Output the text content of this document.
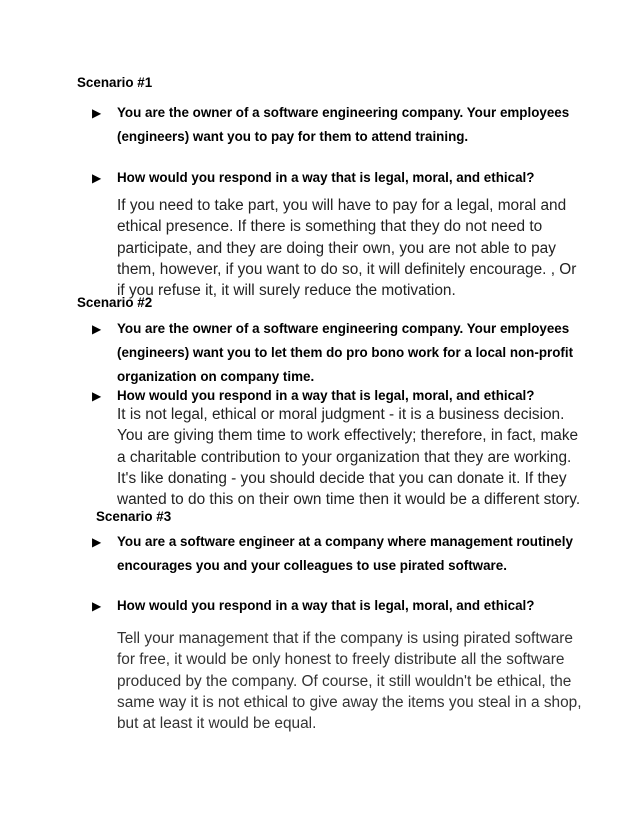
Scenario #1
▶ You are the owner of a software engineering company. Your employees (engineers) want you to pay for them to attend training.

▶ How would you respond in a way that is legal, moral, and ethical?

If you need to take part, you will have to pay for a legal, moral and ethical presence. If there is something that they do not need to participate, and they are doing their own, you are not able to pay them, however, if you want to do so, it will definitely encourage. , Or if you refuse it, it will surely reduce the motivation.

Scenario #2
▶ You are the owner of a software engineering company. Your employees (engineers) want you to let them do pro bono work for a local non-profit organization on company time.

▶ How would you respond in a way that is legal, moral, and ethical?

It is not legal, ethical or moral judgment - it is a business decision. You are giving them time to work effectively; therefore, in fact, make a charitable contribution to your organization that they are working. It's like donating - you should decide that you can donate it. If they wanted to do this on their own time then it would be a different story.

Scenario #3
▶ You are a software engineer at a company where management routinely encourages you and your colleagues to use pirated software.

▶ How would you respond in a way that is legal, moral, and ethical?

Tell your management that if the company is using pirated software for free, it would be only honest to freely distribute all the software produced by the company. Of course, it still wouldn't be ethical, the same way it is not ethical to give away the items you steal in a shop, but at least it would be equal.
